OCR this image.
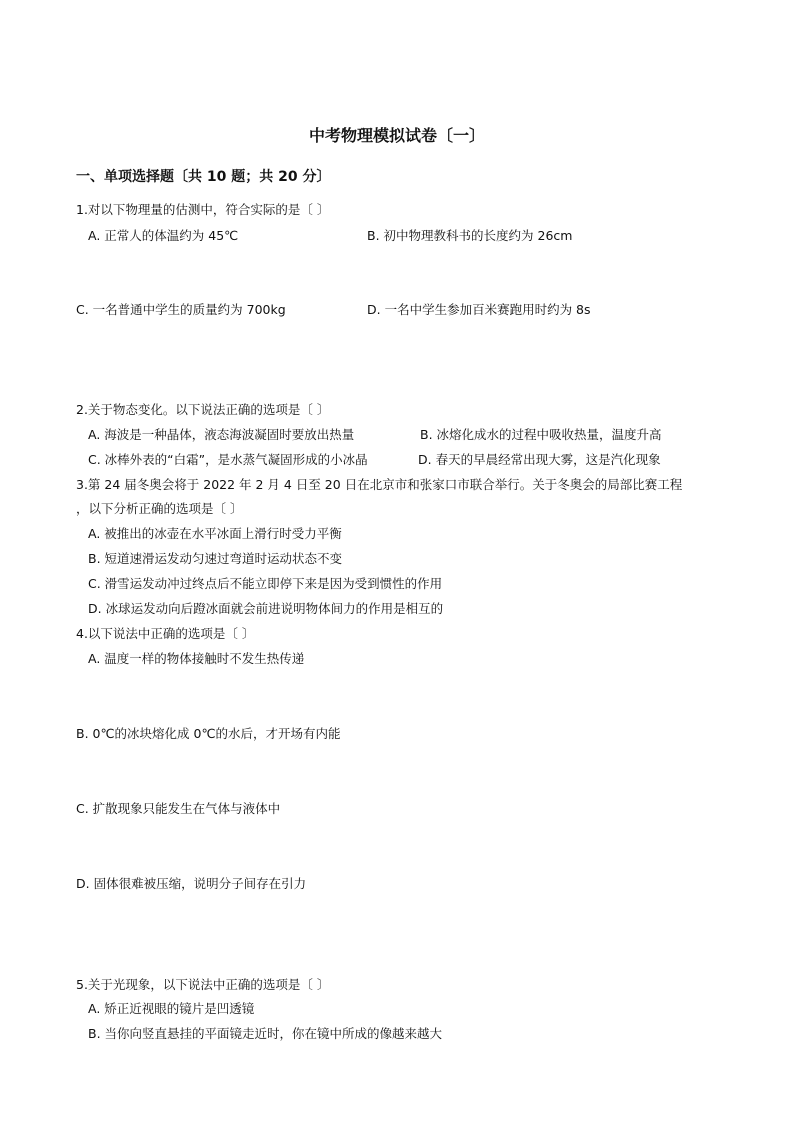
中考物理模拟试卷〔一〕
一、单项选择题〔共 10 题；共 20 分〕
1.对以下物理量的估测中，符合实际的是〔 〕
A. 正常人的体温约为 45℃	B. 初中物理教科书的长度约为 26cm
C. 一名普通中学生的质量约为 700kg	D. 一名中学生参加百米赛跑用时约为 8s
2.关于物态变化。以下说法正确的选项是〔 〕
A. 海波是一种晶体，液态海波凝固时要放出热量	B. 冰熔化成水的过程中吸收热量，温度升高
C. 冰棒外表的“白霜”，是水蒸气凝固形成的小冰晶	D. 春天的早晨经常出现大雾，这是汽化现象
3.第 24 届冬奥会将于 2022 年 2 月 4 日至 20 日在北京市和张家口市联合举行。关于冬奥会的局部比赛工程
，以下分析正确的选项是〔 〕
A. 被推出的冰壶在水平冰面上滑行时受力平衡
B. 短道速滑运发动匀速过弯道时运动状态不变
C. 滑雪运发动冲过终点后不能立即停下来是因为受到惯性的作用
D. 冰球运发动向后蹬冰面就会前进说明物体间力的作用是相互的
4.以下说法中正确的选项是〔 〕
A. 温度一样的物体接触时不发生热传递
B. 0℃的冰块熔化成 0℃的水后，才开场有内能
C. 扩散现象只能发生在气体与液体中
D. 固体很难被压缩，说明分子间存在引力
5.关于光现象，以下说法中正确的选项是〔 〕
A. 矫正近视眼的镜片是凹透镜
B. 当你向竖直悬挂的平面镜走近时，你在镜中所成的像越来越大
